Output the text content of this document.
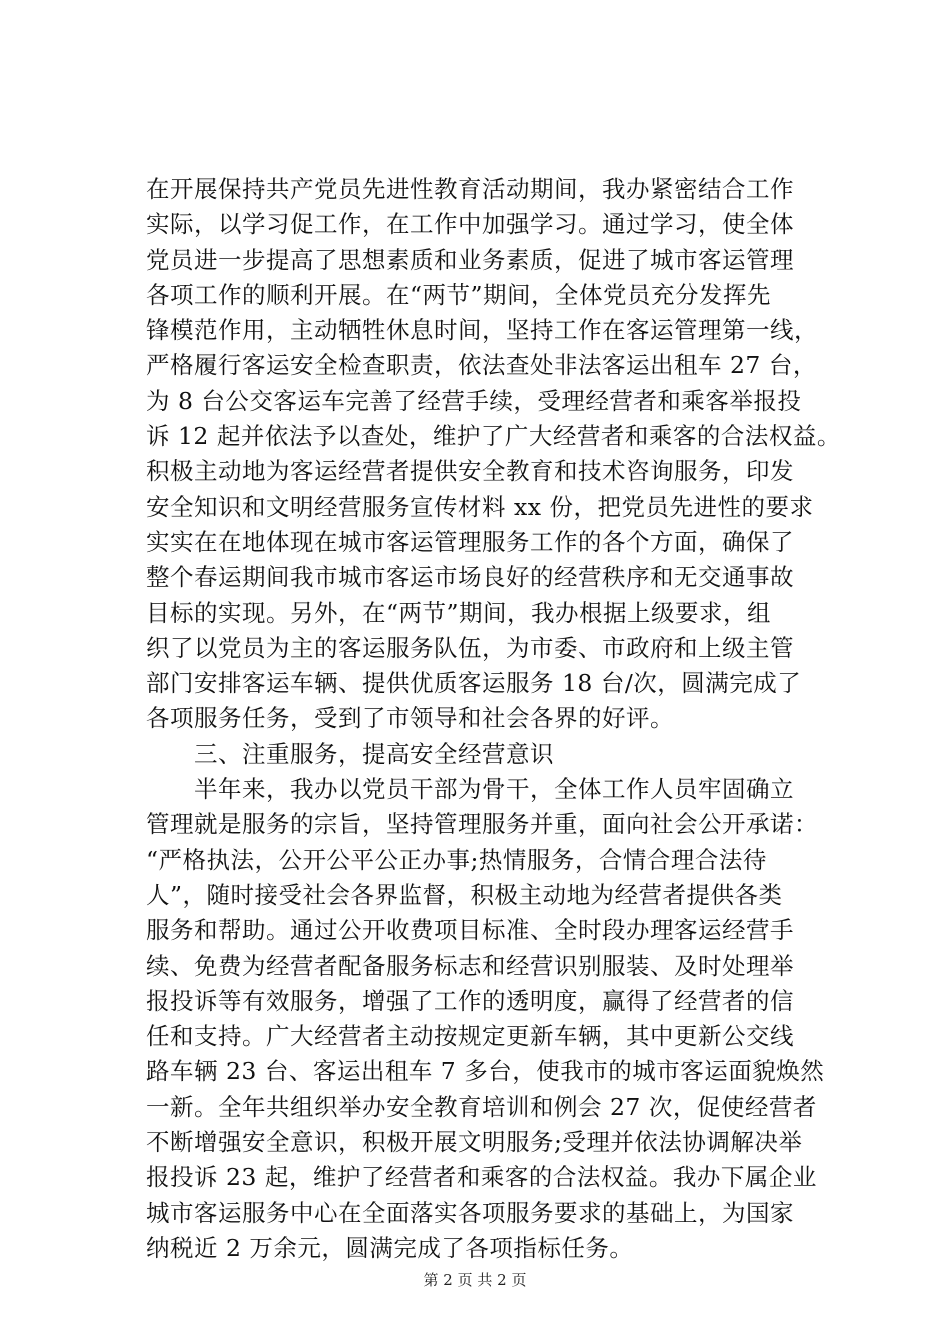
在开展保持共产党员先进性教育活动期间，我办紧密结合工作
实际，以学习促工作，在工作中加强学习。通过学习，使全体
党员进一步提高了思想素质和业务素质，促进了城市客运管理
各项工作的顺利开展。在“两节”期间，全体党员充分发挥先
锋模范作用，主动牺牲休息时间，坚持工作在客运管理第一线，
严格履行客运安全检查职责，依法查处非法客运出租车 27 台，
为 8 台公交客运车完善了经营手续，受理经营者和乘客举报投
诉 12 起并依法予以查处，维护了广大经营者和乘客的合法权益。
积极主动地为客运经营者提供安全教育和技术咨询服务，印发
安全知识和文明经营服务宣传材料 xx 份，把党员先进性的要求
实实在在地体现在城市客运管理服务工作的各个方面，确保了
整个春运期间我市城市客运市场良好的经营秩序和无交通事故
目标的实现。另外，在“两节”期间，我办根据上级要求，组
织了以党员为主的客运服务队伍，为市委、市政府和上级主管
部门安排客运车辆、提供优质客运服务 18 台/次，圆满完成了
各项服务任务，受到了市领导和社会各界的好评。
　　三、注重服务，提高安全经营意识
　　半年来，我办以党员干部为骨干，全体工作人员牢固确立
管理就是服务的宗旨，坚持管理服务并重，面向社会公开承诺：
“严格执法，公开公平公正办事;热情服务，合情合理合法待
人”，随时接受社会各界监督，积极主动地为经营者提供各类
服务和帮助。通过公开收费项目标准、全时段办理客运经营手
续、免费为经营者配备服务标志和经营识别服装、及时处理举
报投诉等有效服务，增强了工作的透明度，赢得了经营者的信
任和支持。广大经营者主动按规定更新车辆，其中更新公交线
路车辆 23 台、客运出租车 7 多台，使我市的城市客运面貌焕然
一新。全年共组织举办安全教育培训和例会 27 次，促使经营者
不断增强安全意识，积极开展文明服务;受理并依法协调解决举
报投诉 23 起，维护了经营者和乘客的合法权益。我办下属企业
城市客运服务中心在全面落实各项服务要求的基础上，为国家
纳税近 2 万余元，圆满完成了各项指标任务。
第 2 页 共 2 页
